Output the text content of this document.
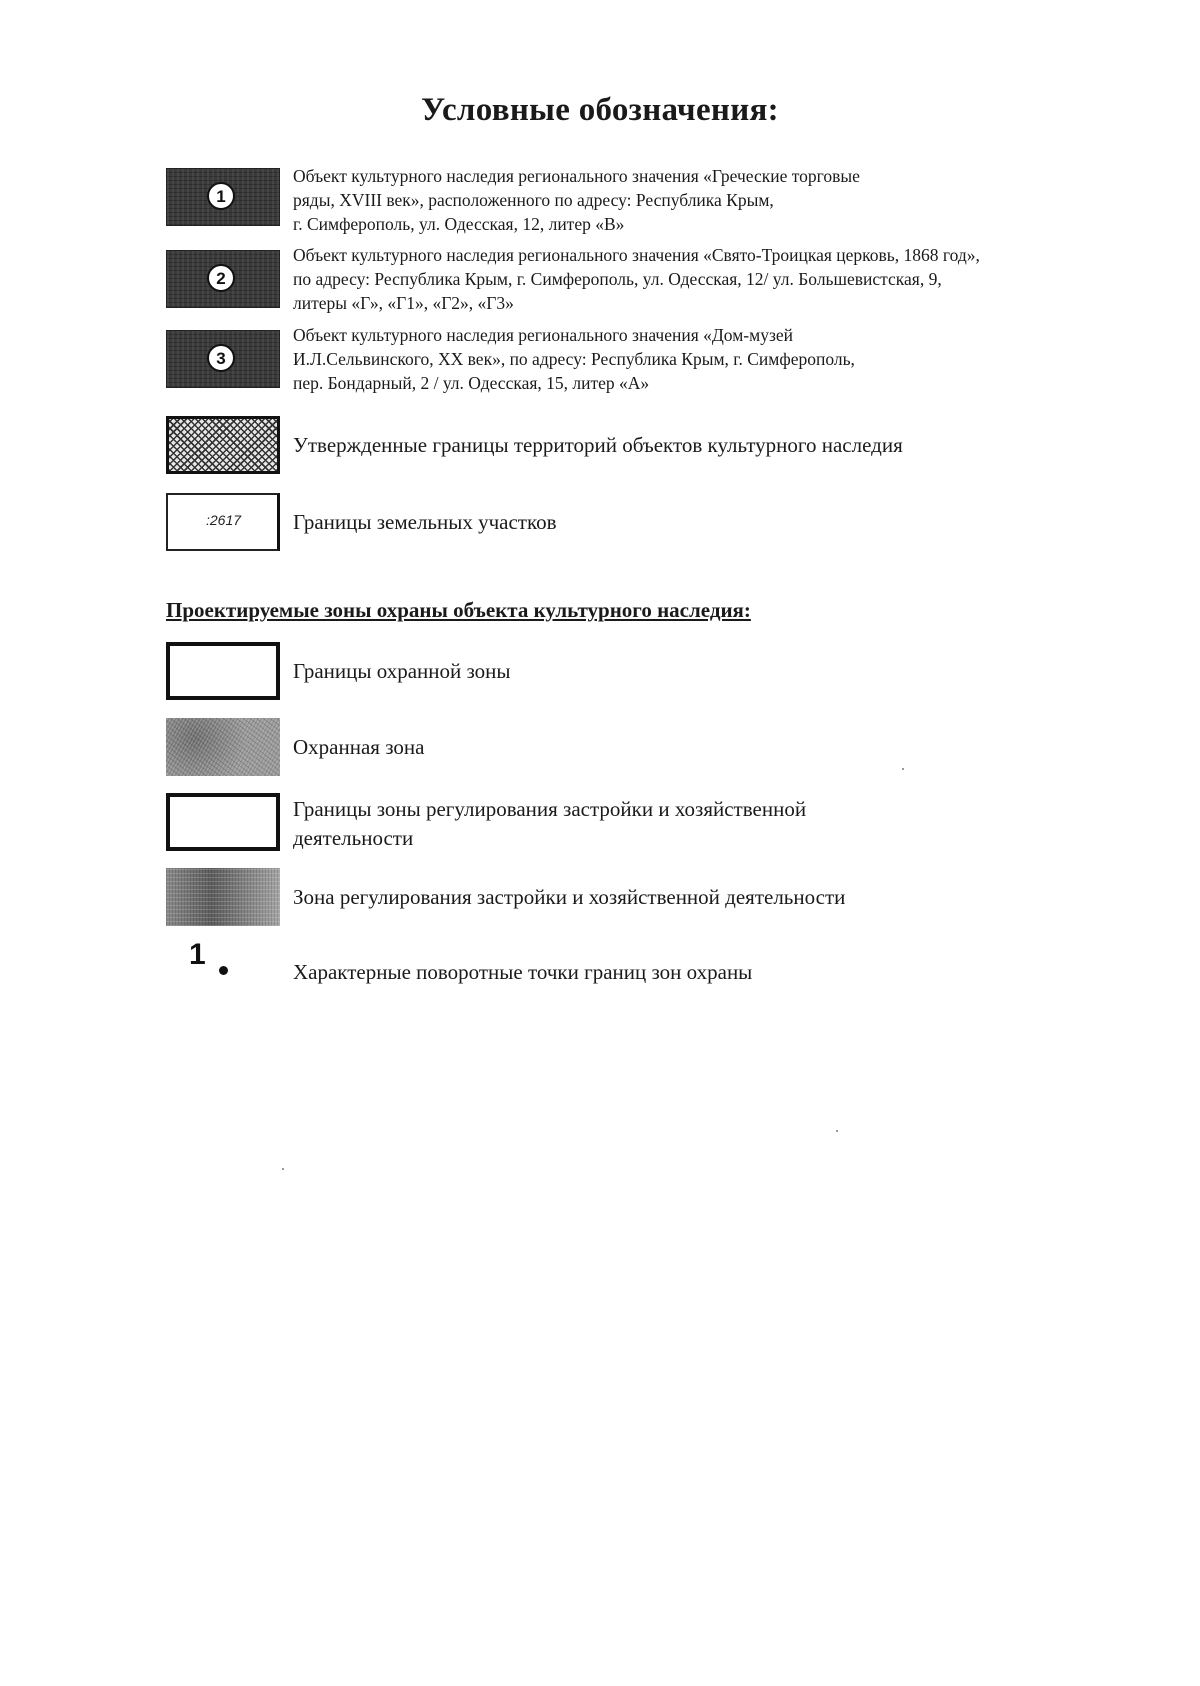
Условные обозначения:
1

Объект культурного наследия регионального значения «Греческие торговые
ряды, XVIII век», расположенного по адресу: Республика Крым,
г. Симферополь, ул. Одесская, 12, литер «В»

2

Объект культурного наследия регионального значения «Свято-Троицкая церковь, 1868 год»,
по адресу: Республика Крым, г. Симферополь, ул. Одесская, 12/ ул. Большевистская, 9,
литеры «Г», «Г1», «Г2», «Г3»

3

Объект культурного наследия регионального значения «Дом-музей
И.Л.Сельвинского, XX век», по адресу: Республика Крым, г. Симферополь,
пер. Бондарный, 2 / ул. Одесская, 15, литер «А»

Утвержденные границы территорий объектов культурного наследия

:2617 Границы земельных участков

Проектируемые зоны охраны объекта культурного наследия:

Границы охранной зоны

Охранная зона

Границы зоны регулирования застройки и хозяйственной
деятельности

Зона регулирования застройки и хозяйственной деятельности

1

Характерные поворотные точки границ зон охраны
